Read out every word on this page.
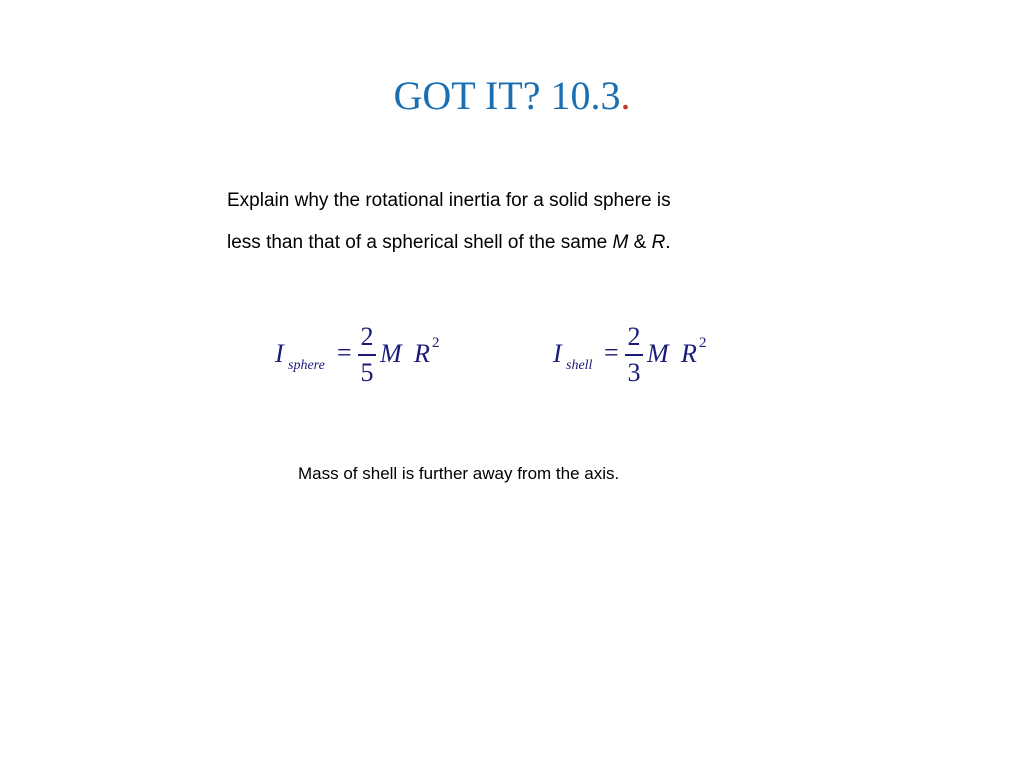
GOT IT? 10.3.
Explain why the rotational inertia for a solid sphere is
less than that of a spherical shell of the same M & R.
I sphere =
2
5
M R 2	I shell =
2
3
M R 2
Mass of shell is further away from the axis.
